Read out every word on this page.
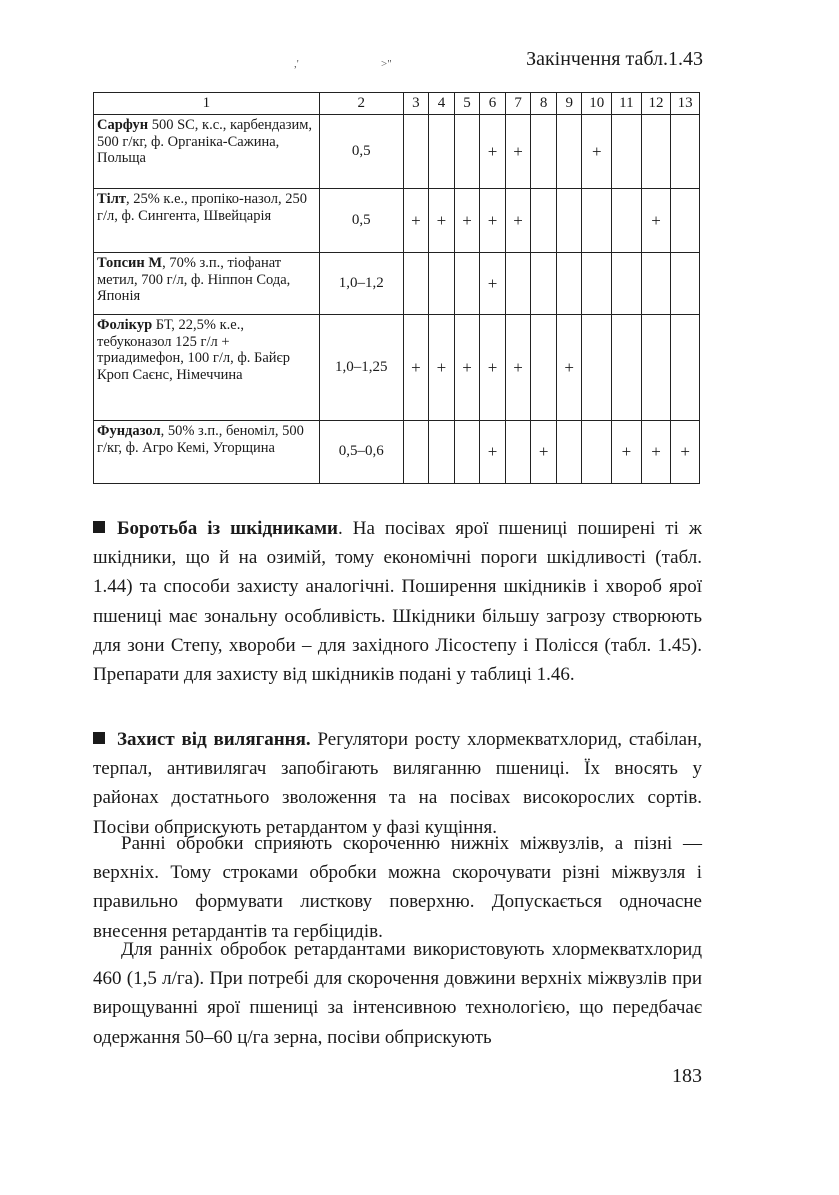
,'	>"	Закінчення табл.1.43
1	2	3	4	5	6	7	8	9	10	11	12	13
Сарфун 500 SC, к.с., карбендазим, 500 г/кг, ф. Органіка-Сажина, Польща	0,5				+	+			+			
Тілт, 25% к.е., пропіко-назол, 250 г/л, ф. Сингента, Швейцарія	0,5	+	+	+	+	+					+	
Топсин М, 70% з.п., тіофанат метил, 700 г/л, ф. Ніппон Сода, Японія	1,0–1,2				+							
Фолікур БТ, 22,5% к.е., тебуконазол 125 г/л + триадимефон, 100 г/л, ф. Байєр Кроп Саєнс, Німеччина	1,0–1,25	+	+	+	+	+		+				
Фундазол, 50% з.п., беноміл, 500 г/кг, ф. Агро Кемі, Угорщина	0,5–0,6				+		+			+	+	+

Боротьба із шкідниками. На посівах ярої пшениці поширені ті ж шкідники, що й на озимій, тому економічні пороги шкідливості (табл. 1.44) та способи захисту аналогічні. Поширення шкідників і хвороб ярої пшениці має зональну особливість. Шкідники більшу загрозу створюють для зони Степу, хвороби – для західного Лісостепу і Полісся (табл. 1.45). Препарати для захисту від шкідників подані у таблиці 1.46.

Захист від вилягання. Регулятори росту хлормекватхлорид, стабілан, терпал, антивилягач запобігають виляганню пшениці. Їх вносять у районах достатнього зволоження та на посівах високорослих сортів. Посіви обприскують ретардантом у фазі кущіння.

Ранні обробки сприяють скороченню нижніх міжвузлів, а пізні — верхніх. Тому строками обробки можна скорочувати різні міжвузля і правильно формувати листкову поверхню. Допускається одночасне внесення ретардантів та гербіцидів.

Для ранніх обробок ретардантами використовують хлормекватхлорид 460 (1,5 л/га). При потребі для скорочення довжини верхніх міжвузлів при вирощуванні ярої пшениці за інтенсивною технологією, що передбачає одержання 50–60 ц/га зерна, посіви обприскують

183
